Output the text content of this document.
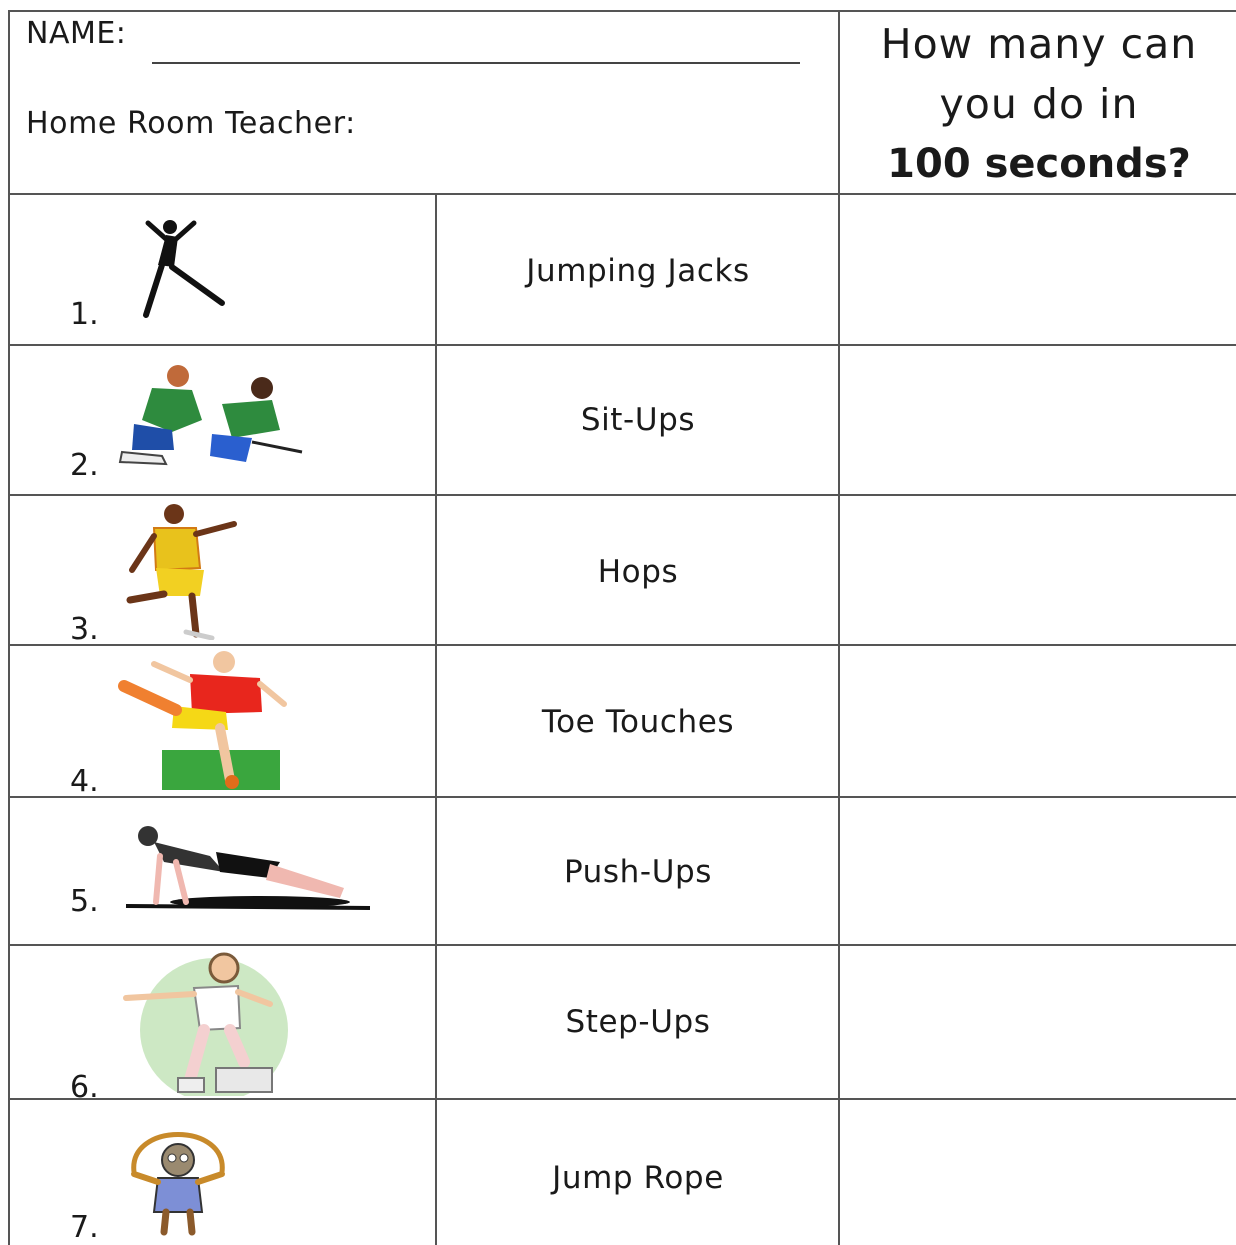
NAME:
Home Room Teacher:
How many can
you do in
100 seconds?
1.
Jumping Jacks
2.
Sit-Ups
3.
Hops
4.
Toe Touches
5.
Push-Ups
6.
Step-Ups
7.
Jump Rope
